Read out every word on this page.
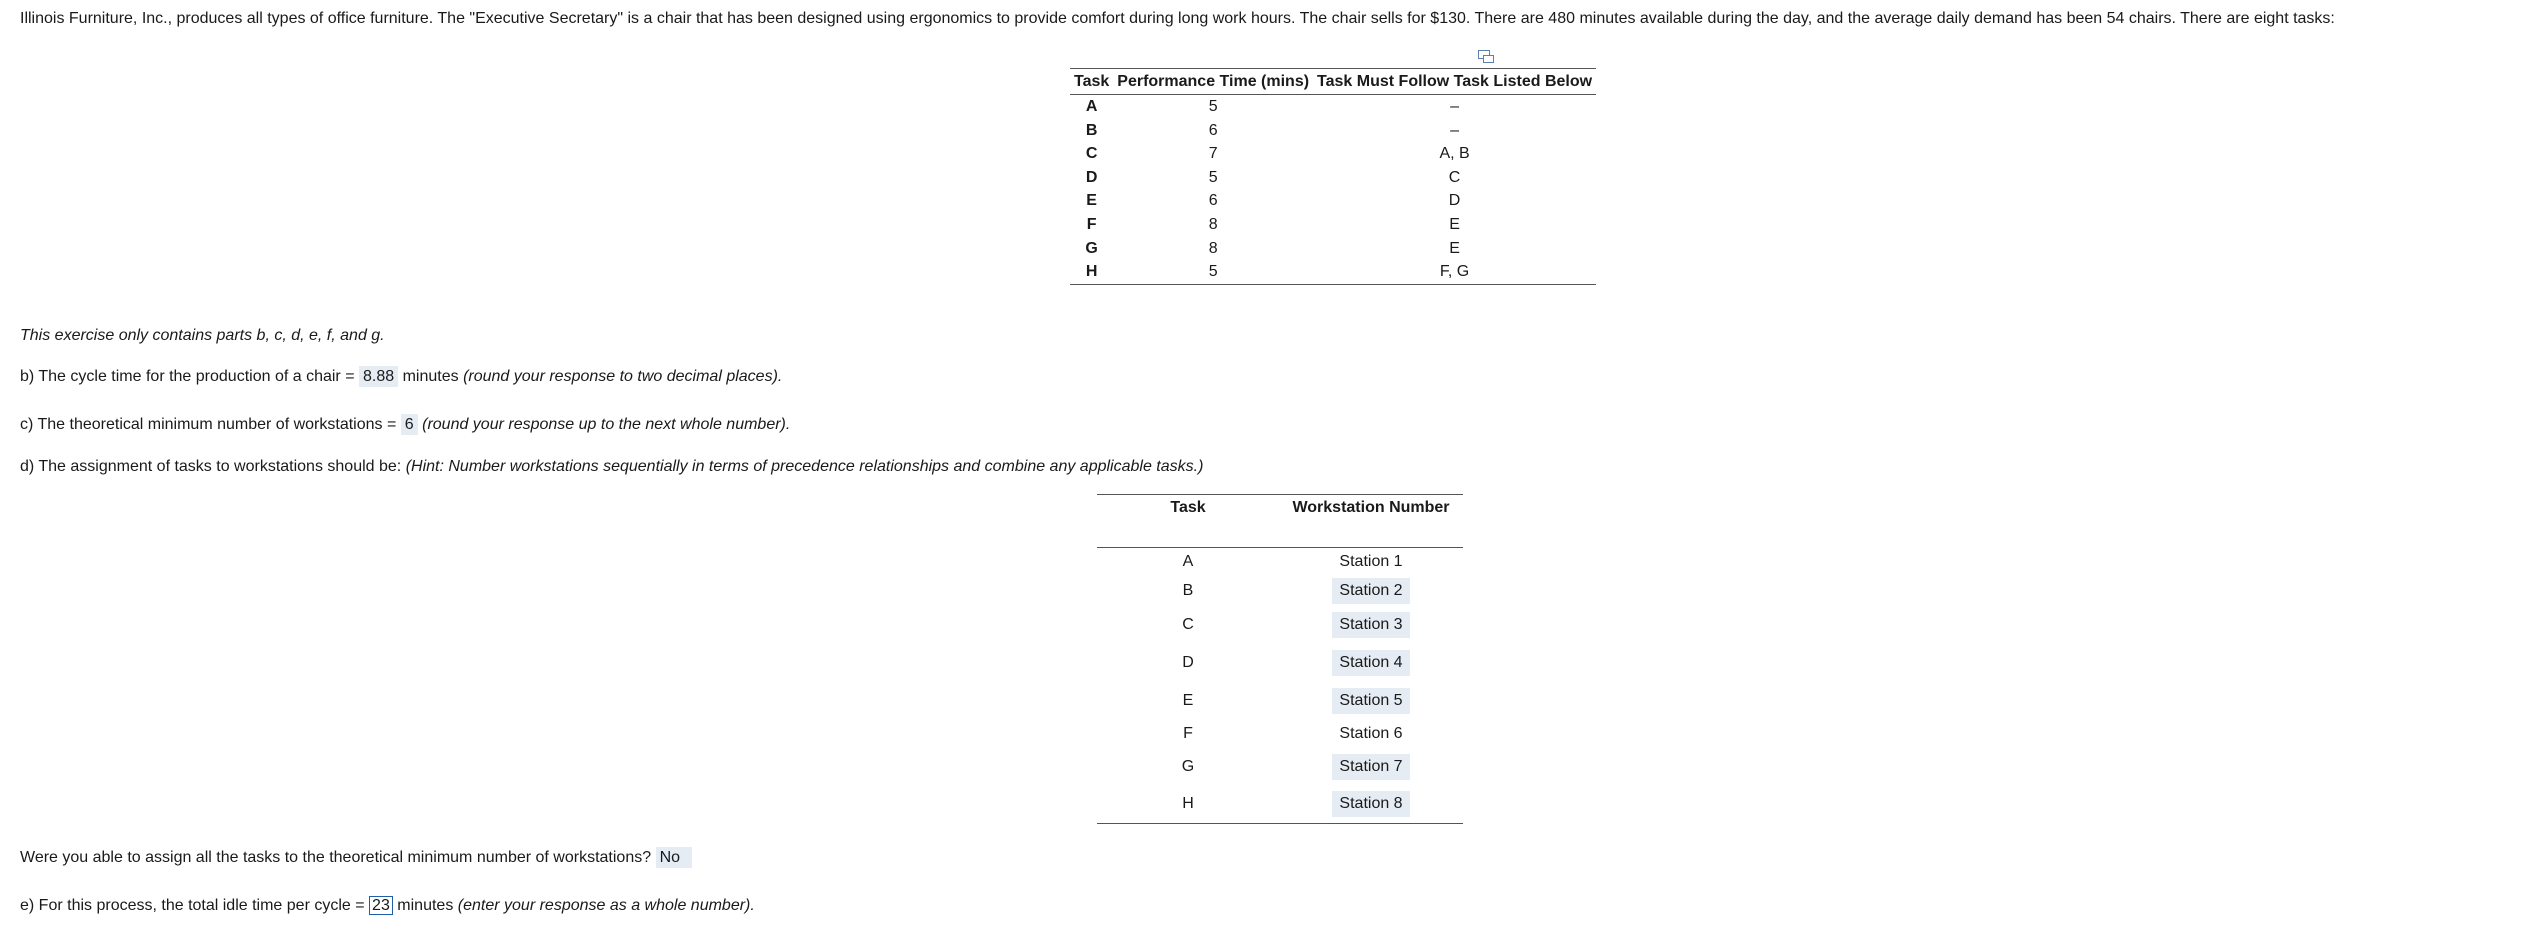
Illinois Furniture, Inc., produces all types of office furniture. The "Executive Secretary" is a chair that has been designed using ergonomics to provide comfort during long work hours. The chair sells for $130. There are 480 minutes available during the day, and the average daily demand has been 54 chairs. There are eight tasks:
Task	Performance Time (mins)	Task Must Follow Task Listed Below
A	5	–
B	6	–
C	7	A, B
D	5	C
E	6	D
F	8	E
G	8	E
H	5	F, G
This exercise only contains parts b, c, d, e, f, and g.
b) The cycle time for the production of a chair = 8.88 minutes (round your response to two decimal places).
c) The theoretical minimum number of workstations = 6 (round your response up to the next whole number).
d) The assignment of tasks to workstations should be: (Hint: Number workstations sequentially in terms of precedence relationships and combine any applicable tasks.)
Task	Workstation Number
A	Station 1
B	Station 2
C	Station 3
D	Station 4
E	Station 5
F	Station 6
G	Station 7
H	Station 8
Were you able to assign all the tasks to the theoretical minimum number of workstations? No
e) For this process, the total idle time per cycle = 23 minutes (enter your response as a whole number).
